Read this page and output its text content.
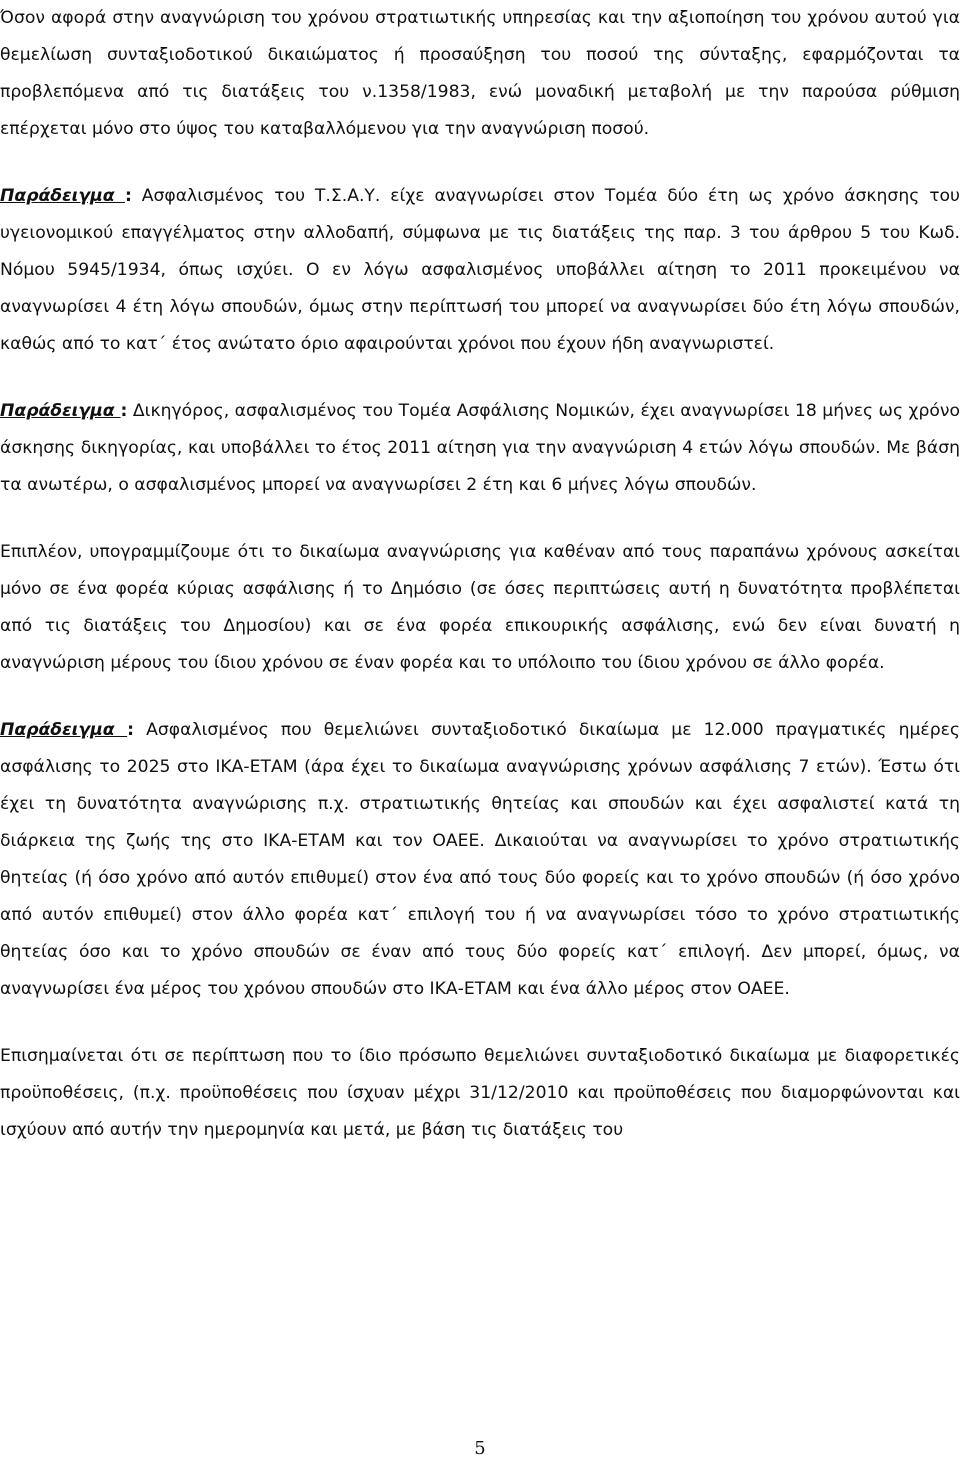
Όσον αφορά στην αναγνώριση του χρόνου στρατιωτικής υπηρεσίας και την αξιοποίηση του χρόνου αυτού για θεμελίωση συνταξιοδοτικού δικαιώματος ή προσαύξηση του ποσού της σύνταξης, εφαρμόζονται τα προβλεπόμενα από τις διατάξεις του ν.1358/1983, ενώ μοναδική μεταβολή με την παρούσα ρύθμιση επέρχεται μόνο στο ύψος του καταβαλλόμενου για την αναγνώριση ποσού.

Παράδειγμα : Ασφαλισμένος του Τ.Σ.Α.Υ. είχε αναγνωρίσει στον Τομέα δύο έτη ως χρόνο άσκησης του υγειονομικού επαγγέλματος στην αλλοδαπή, σύμφωνα με τις διατάξεις της παρ. 3 του άρθρου 5 του Κωδ. Νόμου 5945/1934, όπως ισχύει. Ο εν λόγω ασφαλισμένος υποβάλλει αίτηση το 2011 προκειμένου να αναγνωρίσει 4 έτη λόγω σπουδών, όμως στην περίπτωσή του μπορεί να αναγνωρίσει δύο έτη λόγω σπουδών, καθώς από το κατ΄ έτος ανώτατο όριο αφαιρούνται χρόνοι που έχουν ήδη αναγνωριστεί.

Παράδειγμα : Δικηγόρος, ασφαλισμένος του Τομέα Ασφάλισης Νομικών, έχει αναγνωρίσει 18 μήνες ως χρόνο άσκησης δικηγορίας, και υποβάλλει το έτος 2011 αίτηση για την αναγνώριση 4 ετών λόγω σπουδών. Με βάση τα ανωτέρω, ο ασφαλισμένος μπορεί να αναγνωρίσει 2 έτη και 6 μήνες λόγω σπουδών.

Επιπλέον, υπογραμμίζουμε ότι το δικαίωμα αναγνώρισης για καθέναν από τους παραπάνω χρόνους ασκείται μόνο σε ένα φορέα κύριας ασφάλισης ή το Δημόσιο (σε όσες περιπτώσεις αυτή η δυνατότητα προβλέπεται από τις διατάξεις του Δημοσίου) και σε ένα φορέα επικουρικής ασφάλισης, ενώ δεν είναι δυνατή η αναγνώριση μέρους του ίδιου χρόνου σε έναν φορέα και το υπόλοιπο του ίδιου χρόνου σε άλλο φορέα.

Παράδειγμα : Ασφαλισμένος που θεμελιώνει συνταξιοδοτικό δικαίωμα με 12.000 πραγματικές ημέρες ασφάλισης το 2025 στο ΙΚΑ-ΕΤΑΜ (άρα έχει το δικαίωμα αναγνώρισης χρόνων ασφάλισης 7 ετών). Έστω ότι έχει τη δυνατότητα αναγνώρισης π.χ. στρατιωτικής θητείας και σπουδών και έχει ασφαλιστεί κατά τη διάρκεια της ζωής της στο ΙΚΑ-ΕΤΑΜ και τον ΟΑΕΕ. Δικαιούται να αναγνωρίσει το χρόνο στρατιωτικής θητείας (ή όσο χρόνο από αυτόν επιθυμεί) στον ένα από τους δύο φορείς και το χρόνο σπουδών (ή όσο χρόνο από αυτόν επιθυμεί) στον άλλο φορέα κατ΄ επιλογή του ή να αναγνωρίσει τόσο το χρόνο στρατιωτικής θητείας όσο και το χρόνο σπουδών σε έναν από τους δύο φορείς κατ΄ επιλογή. Δεν μπορεί, όμως, να αναγνωρίσει ένα μέρος του χρόνου σπουδών στο ΙΚΑ-ΕΤΑΜ και ένα άλλο μέρος στον ΟΑΕΕ.

Επισημαίνεται ότι σε περίπτωση που το ίδιο πρόσωπο θεμελιώνει συνταξιοδοτικό δικαίωμα με διαφορετικές προϋποθέσεις, (π.χ. προϋποθέσεις που ίσχυαν μέχρι 31/12/2010 και προϋποθέσεις που διαμορφώνονται και ισχύουν από αυτήν την ημερομηνία και μετά, με βάση τις διατάξεις του

5
